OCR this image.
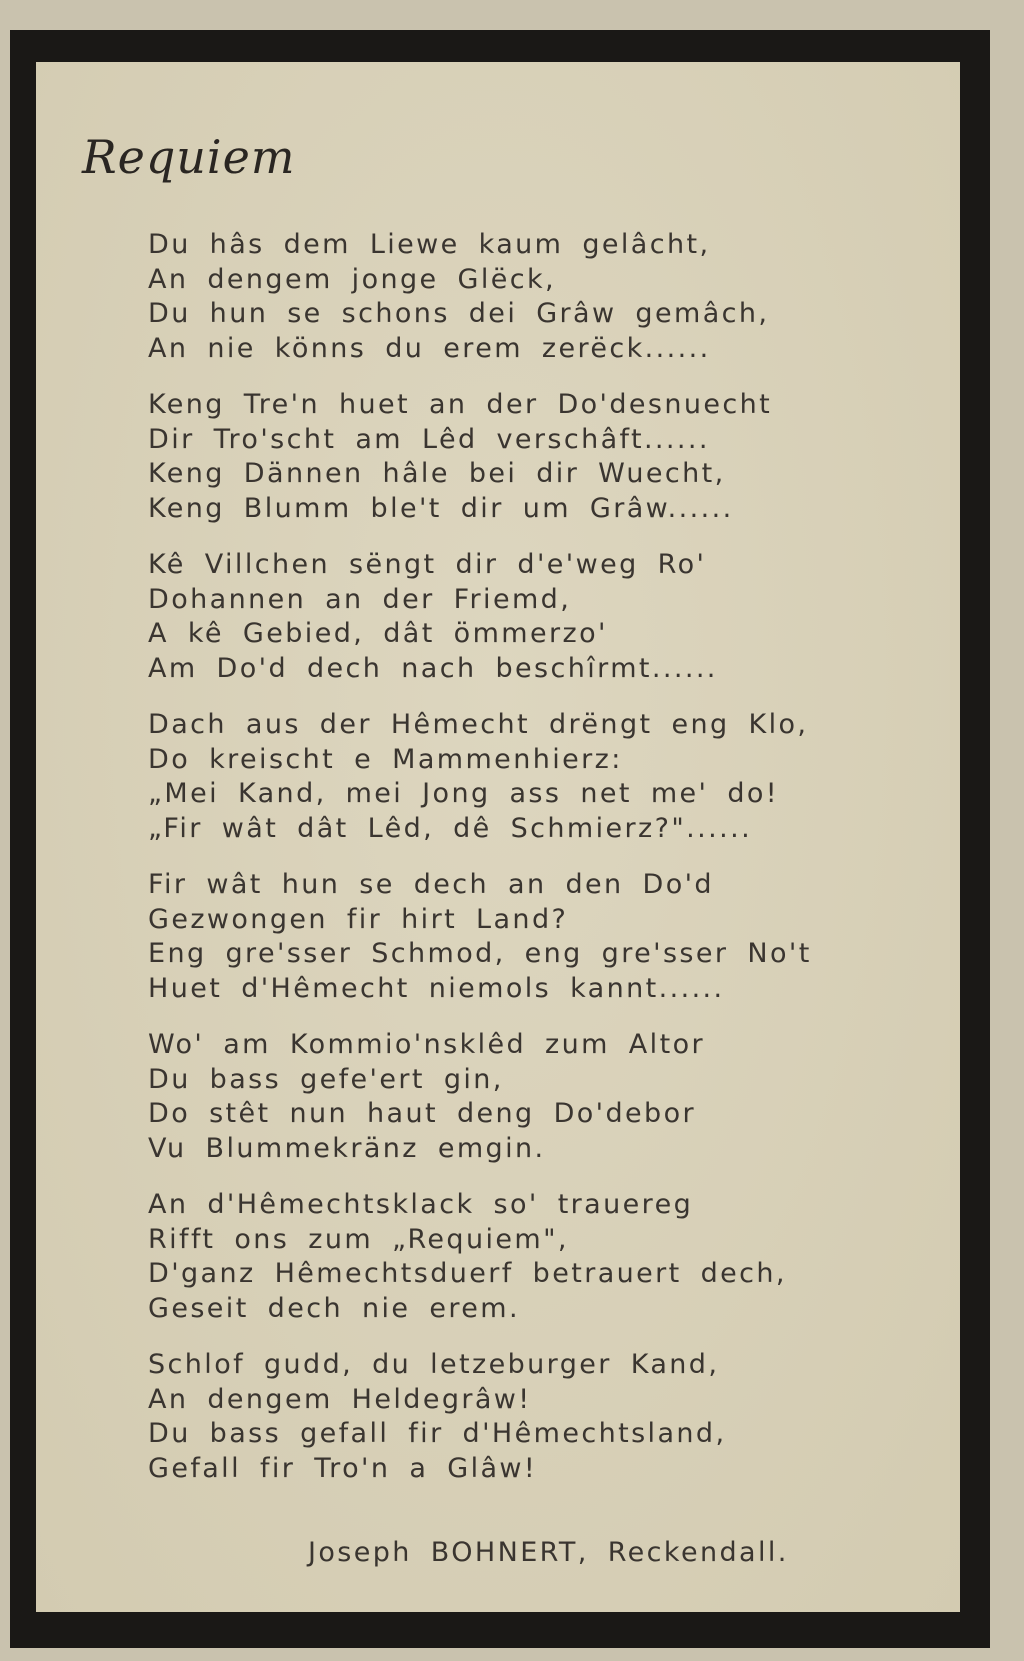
Requiem
Du hâs dem Liewe kaum gelâcht,
An dengem jonge Glëck,
Du hun se schons dei Grâw gemâch,
An nie könns du erem zerëck......
Keng Tre'n huet an der Do'desnuecht
Dir Tro'scht am Lêd verschâft......
Keng Dännen hâle bei dir Wuecht,
Keng Blumm ble't dir um Grâw......
Kê Villchen sëngt dir d'e'weg Ro'
Dohannen an der Friemd,
A kê Gebied, dât ömmerzo'
Am Do'd dech nach beschîrmt......
Dach aus der Hêmecht drëngt eng Klo,
Do kreischt e Mammenhierz:
„Mei Kand, mei Jong ass net me' do!
„Fir wât dât Lêd, dê Schmierz?"......
Fir wât hun se dech an den Do'd
Gezwongen fir hirt Land?
Eng gre'sser Schmod, eng gre'sser No't
Huet d'Hêmecht niemols kannt......
Wo' am Kommio'nsklêd zum Altor
Du bass gefe'ert gin,
Do stêt nun haut deng Do'debor
Vu Blummekränz emgin.
An d'Hêmechtsklack so' trauereg
Rifft ons zum „Requiem",
D'ganz Hêmechtsduerf betrauert dech,
Geseit dech nie erem.
Schlof gudd, du letzeburger Kand,
An dengem Heldegrâw!
Du bass gefall fir d'Hêmechtsland,
Gefall fir Tro'n a Glâw!
Joseph BOHNERT, Reckendall.
